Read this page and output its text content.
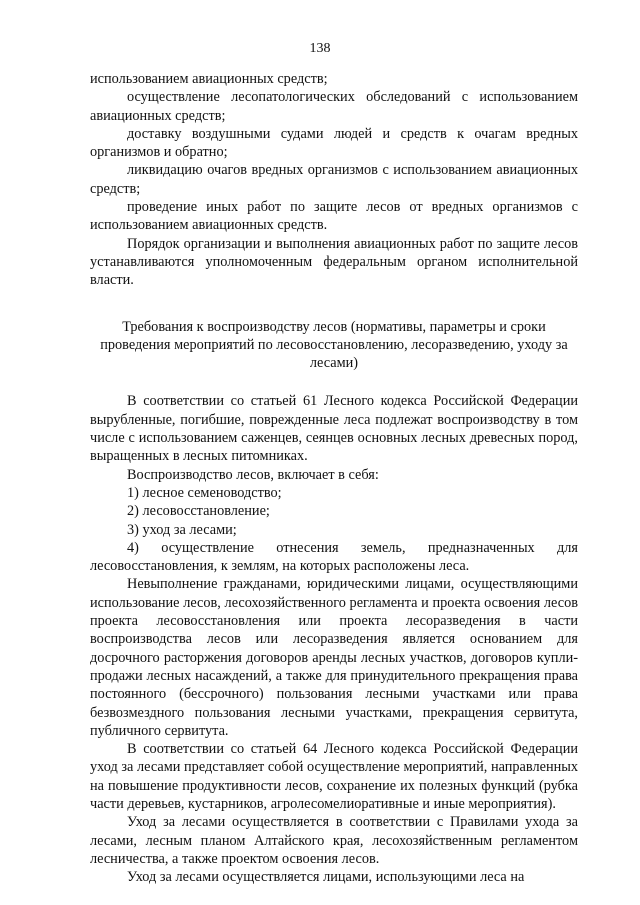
138

использованием авиационных средств;

осуществление лесопатологических обследований с использованием авиационных средств;

доставку воздушными судами людей и средств к очагам вредных организмов и обратно;

ликвидацию очагов вредных организмов с использованием авиационных средств;

проведение иных работ по защите лесов от вредных организмов с использованием авиационных средств.

Порядок организации и выполнения авиационных работ по защите лесов устанавливаются уполномоченным федеральным органом исполнительной власти.

Требования к воспроизводству лесов (нормативы, параметры и сроки проведения мероприятий по лесовосстановлению, лесоразведению, уходу за лесами)

В соответствии со статьей 61 Лесного кодекса Российской Федерации вырубленные, погибшие, поврежденные леса подлежат воспроизводству в том числе с использованием саженцев, сеянцев основных лесных древесных пород, выращенных в лесных питомниках.

Воспроизводство лесов, включает в себя:

1) лесное семеноводство;

2) лесовосстановление;

3) уход за лесами;

4) осуществление отнесения земель, предназначенных для лесовосстановления, к землям, на которых расположены леса.

Невыполнение гражданами, юридическими лицами, осуществляющими использование лесов, лесохозяйственного регламента и проекта освоения лесов проекта лесовосстановления или проекта лесоразведения в части воспроизводства лесов или лесоразведения является основанием для досрочного расторжения договоров аренды лесных участков, договоров купли-продажи лесных насаждений, а также для принудительного прекращения права постоянного (бессрочного) пользования лесными участками или права безвозмездного пользования лесными участками, прекращения сервитута, публичного сервитута.

В соответствии со статьей 64 Лесного кодекса Российской Федерации уход за лесами представляет собой осуществление мероприятий, направленных на повышение продуктивности лесов, сохранение их полезных функций (рубка части деревьев, кустарников, агролесомелиоративные и иные мероприятия).

Уход за лесами осуществляется в соответствии с Правилами ухода за лесами, лесным планом Алтайского края, лесохозяйственным регламентом лесничества, а также проектом освоения лесов.

Уход за лесами осуществляется лицами, использующими леса на
